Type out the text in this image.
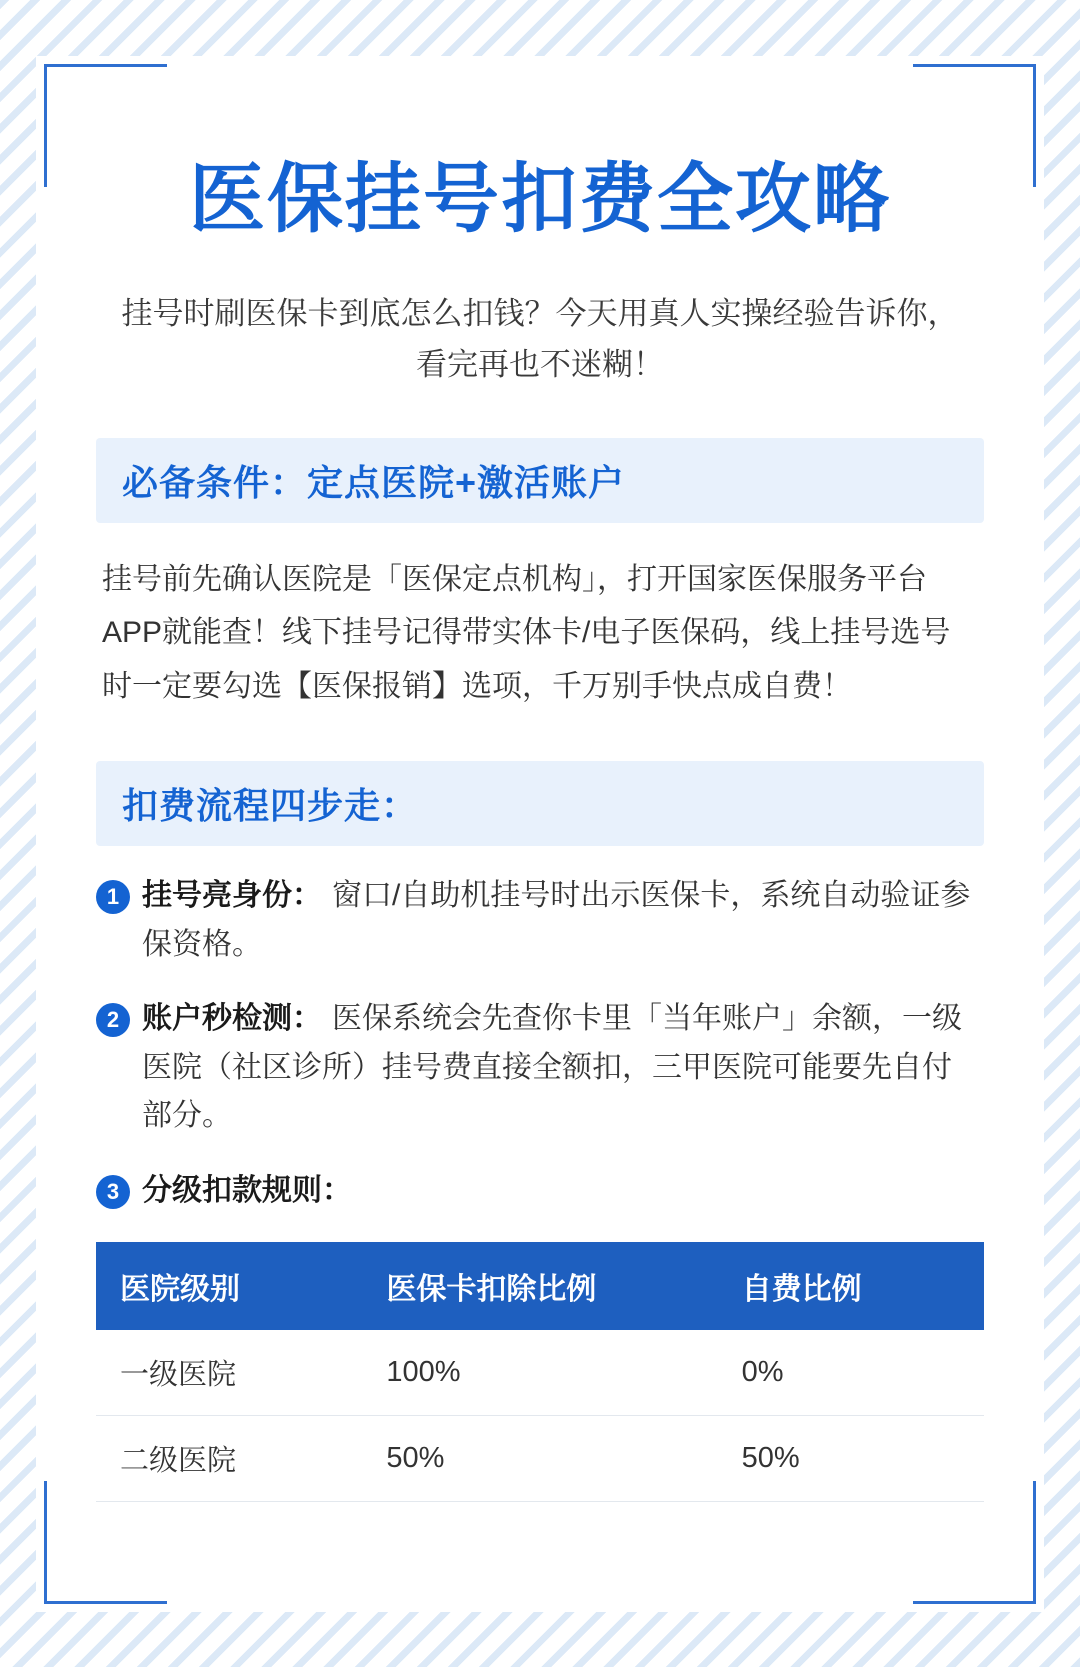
医保挂号扣费全攻略
挂号时刷医保卡到底怎么扣钱？今天用真人实操经验告诉你，看完再也不迷糊！
必备条件：定点医院+激活账户
挂号前先确认医院是「医保定点机构」，打开国家医保服务平台APP就能查！线下挂号记得带实体卡/电子医保码，线上挂号选号时一定要勾选【医保报销】选项，千万别手快点成自费！
扣费流程四步走：
1 挂号亮身份： 窗口/自助机挂号时出示医保卡，系统自动验证参保资格。
2 账户秒检测： 医保系统会先查你卡里「当年账户」余额，一级医院（社区诊所）挂号费直接全额扣，三甲医院可能要先自付部分。
3 分级扣款规则：
医院级别	医保卡扣除比例	自费比例
一级医院	100%	0%
二级医院	50%	50%
